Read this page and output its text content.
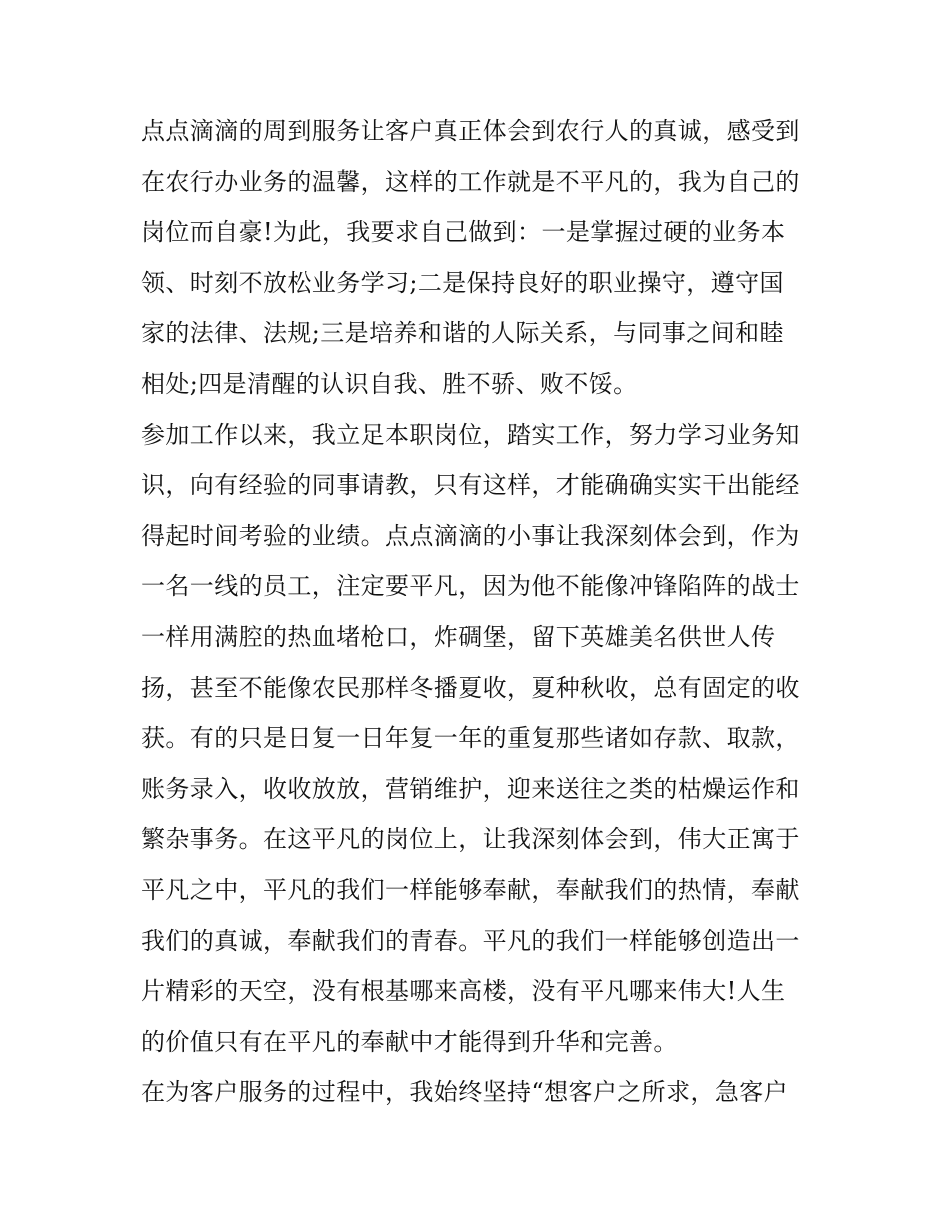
点点滴滴的周到服务让客户真正体会到农行人的真诚，感受到
在农行办业务的温馨，这样的工作就是不平凡的，我为自己的
岗位而自豪!为此，我要求自己做到：一是掌握过硬的业务本
领、时刻不放松业务学习;二是保持良好的职业操守，遵守国
家的法律、法规;三是培养和谐的人际关系，与同事之间和睦
相处;四是清醒的认识自我、胜不骄、败不馁。
参加工作以来，我立足本职岗位，踏实工作，努力学习业务知
识，向有经验的同事请教，只有这样，才能确确实实干出能经
得起时间考验的业绩。点点滴滴的小事让我深刻体会到，作为
一名一线的员工，注定要平凡，因为他不能像冲锋陷阵的战士
一样用满腔的热血堵枪口，炸碉堡，留下英雄美名供世人传
扬，甚至不能像农民那样冬播夏收，夏种秋收，总有固定的收
获。有的只是日复一日年复一年的重复那些诸如存款、取款，
账务录入，收收放放，营销维护，迎来送往之类的枯燥运作和
繁杂事务。在这平凡的岗位上，让我深刻体会到，伟大正寓于
平凡之中，平凡的我们一样能够奉献，奉献我们的热情，奉献
我们的真诚，奉献我们的青春。平凡的我们一样能够创造出一
片精彩的天空，没有根基哪来高楼，没有平凡哪来伟大!人生
的价值只有在平凡的奉献中才能得到升华和完善。
在为客户服务的过程中，我始终坚持“想客户之所求，急客户
